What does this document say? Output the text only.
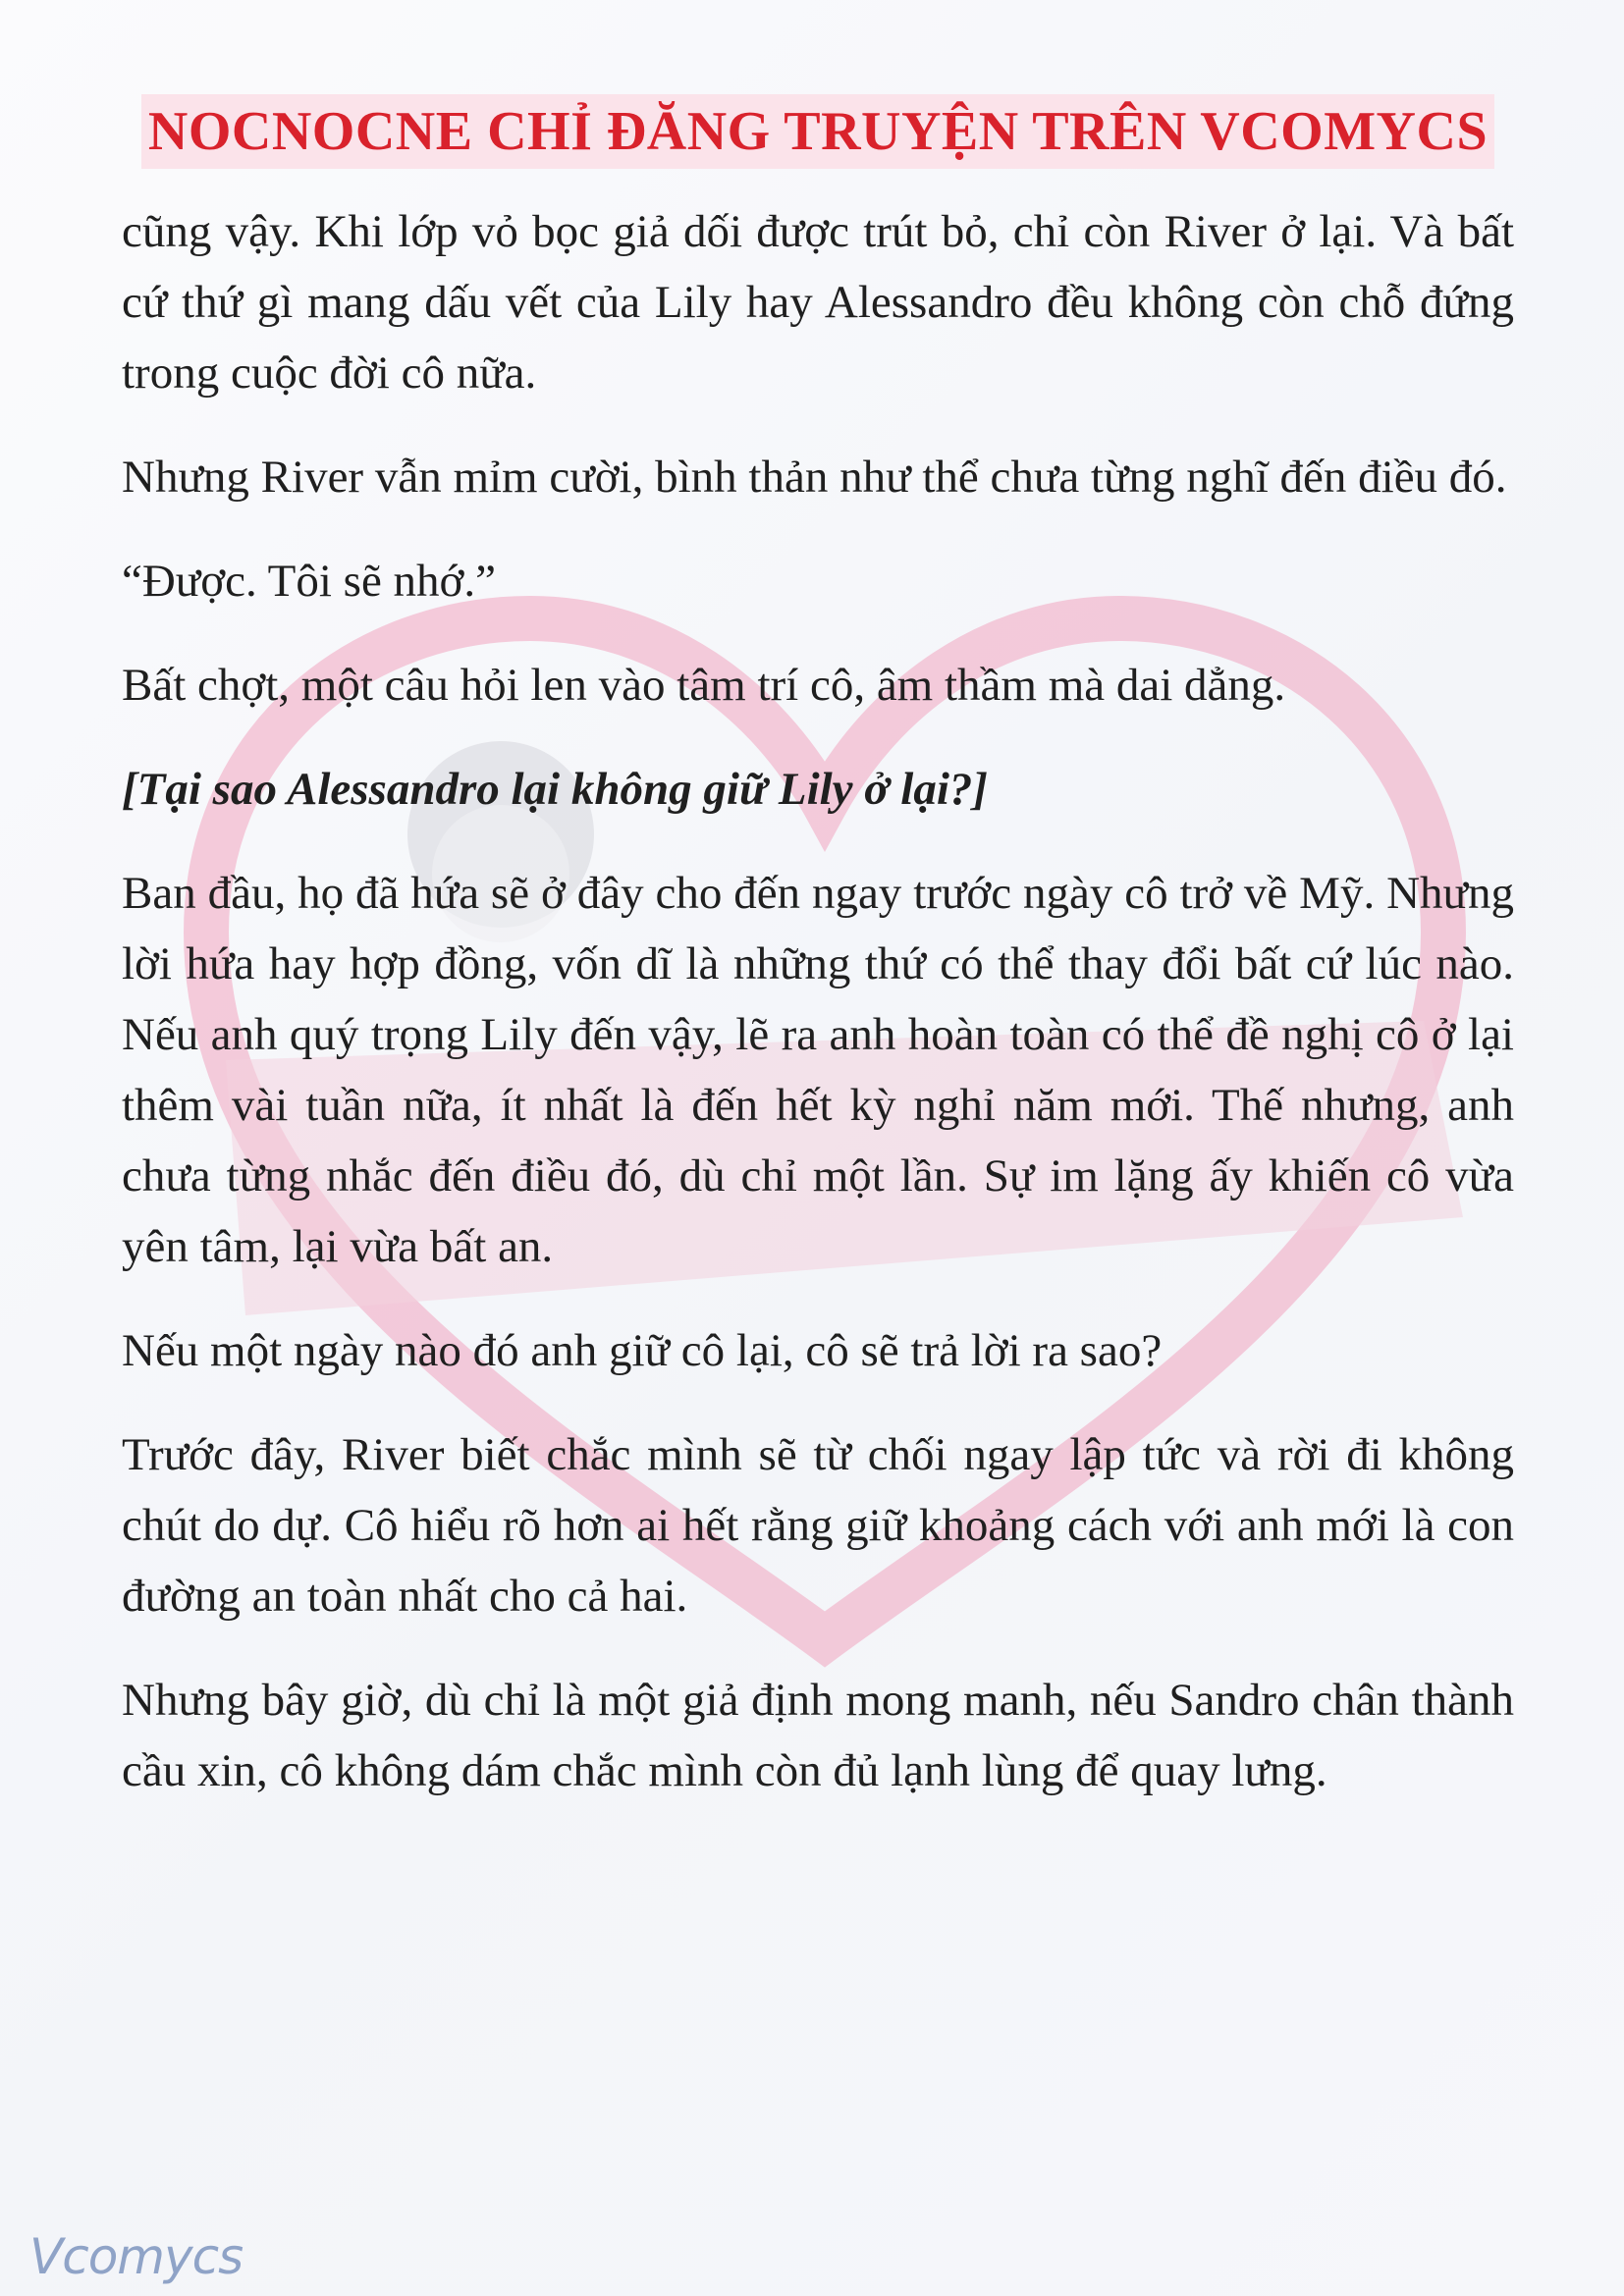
NOCNOCNE CHỈ ĐĂNG TRUYỆN TRÊN VCOMYCS

cũng vậy. Khi lớp vỏ bọc giả dối được trút bỏ, chỉ còn River ở lại. Và bất cứ thứ gì mang dấu vết của Lily hay Alessandro đều không còn chỗ đứng trong cuộc đời cô nữa.

Nhưng River vẫn mỉm cười, bình thản như thể chưa từng nghĩ đến điều đó.

“Được. Tôi sẽ nhớ.”

Bất chợt, một câu hỏi len vào tâm trí cô, âm thầm mà dai dẳng.

[Tại sao Alessandro lại không giữ Lily ở lại?]

Ban đầu, họ đã hứa sẽ ở đây cho đến ngay trước ngày cô trở về Mỹ. Nhưng lời hứa hay hợp đồng, vốn dĩ là những thứ có thể thay đổi bất cứ lúc nào. Nếu anh quý trọng Lily đến vậy, lẽ ra anh hoàn toàn có thể đề nghị cô ở lại thêm vài tuần nữa, ít nhất là đến hết kỳ nghỉ năm mới. Thế nhưng, anh chưa từng nhắc đến điều đó, dù chỉ một lần. Sự im lặng ấy khiến cô vừa yên tâm, lại vừa bất an.

Nếu một ngày nào đó anh giữ cô lại, cô sẽ trả lời ra sao?

Trước đây, River biết chắc mình sẽ từ chối ngay lập tức và rời đi không chút do dự. Cô hiểu rõ hơn ai hết rằng giữ khoảng cách với anh mới là con đường an toàn nhất cho cả hai.

Nhưng bây giờ, dù chỉ là một giả định mong manh, nếu Sandro chân thành cầu xin, cô không dám chắc mình còn đủ lạnh lùng để quay lưng.

Vcomycs
